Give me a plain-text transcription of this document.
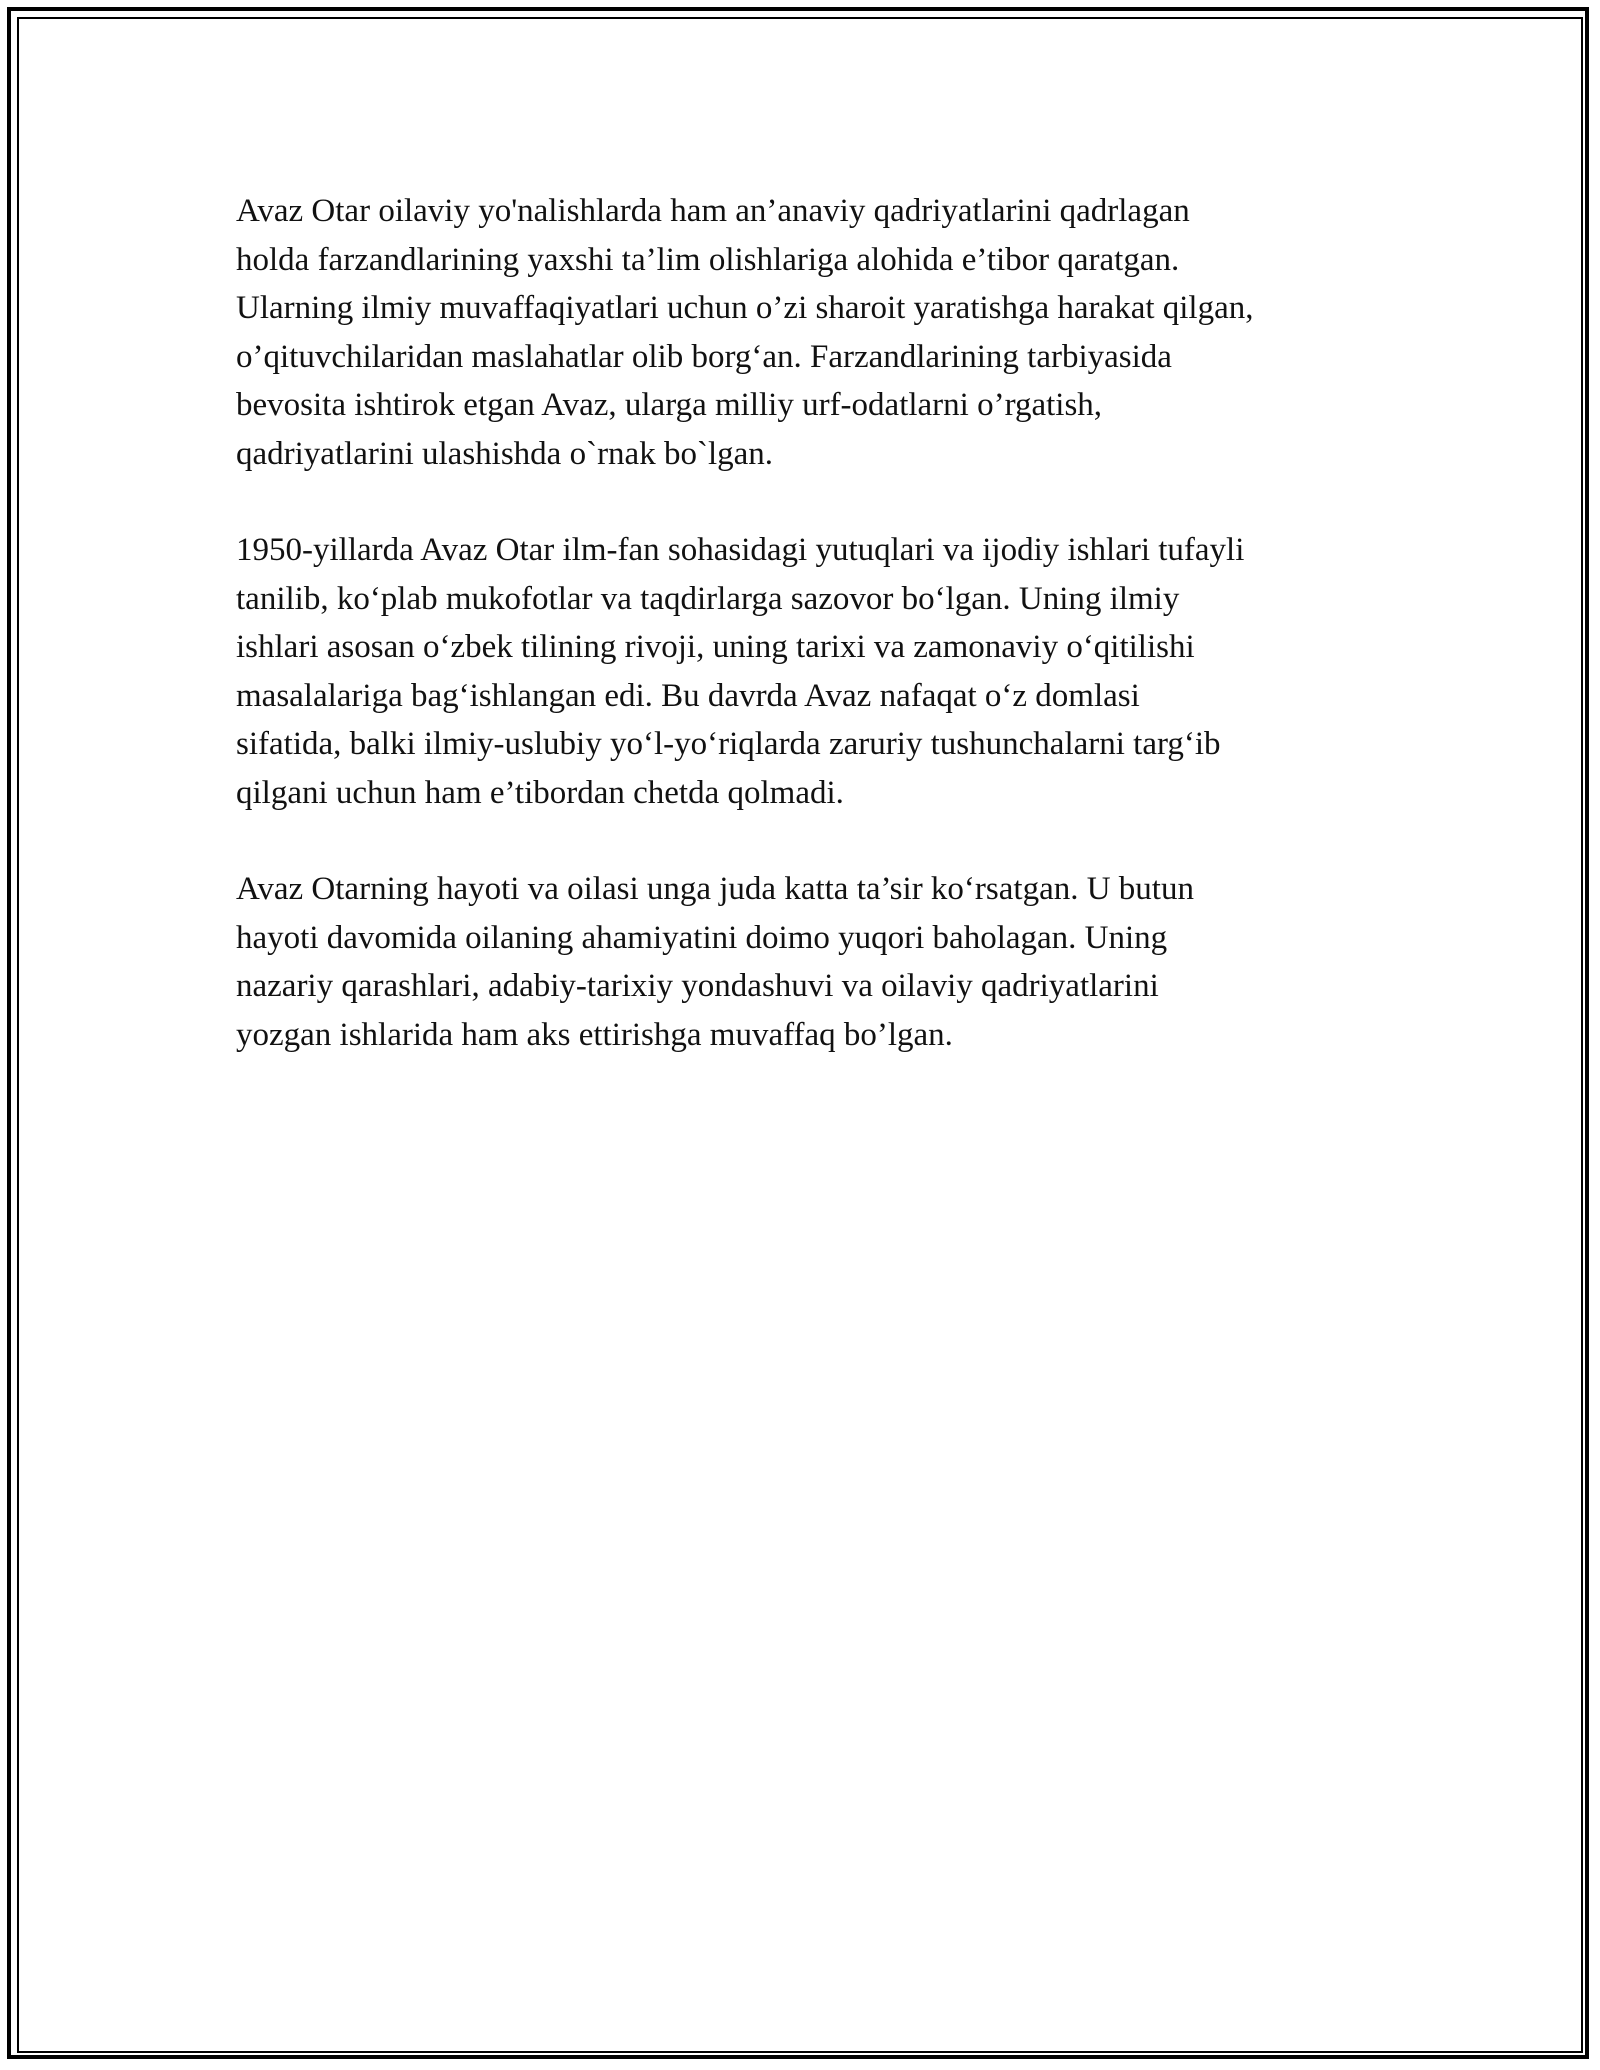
Avaz Otar oilaviy yo'nalishlarda ham an’anaviy qadriyatlarini qadrlagan
holda farzandlarining yaxshi ta’lim olishlariga alohida e’tibor qaratgan.
Ularning ilmiy muvaffaqiyatlari uchun o’zi sharoit yaratishga harakat qilgan,
o’qituvchilaridan maslahatlar olib borg‘an. Farzandlarining tarbiyasida
bevosita ishtirok etgan Avaz, ularga milliy urf-odatlarni o’rgatish,
qadriyatlarini ulashishda o`rnak bo`lgan.

1950-yillarda Avaz Otar ilm-fan sohasidagi yutuqlari va ijodiy ishlari tufayli
tanilib, ko‘plab mukofotlar va taqdirlarga sazovor bo‘lgan. Uning ilmiy
ishlari asosan o‘zbek tilining rivoji, uning tarixi va zamonaviy o‘qitilishi
masalalariga bag‘ishlangan edi. Bu davrda Avaz nafaqat o‘z domlasi
sifatida, balki ilmiy-uslubiy yo‘l-yo‘riqlarda zaruriy tushunchalarni targ‘ib
qilgani uchun ham e’tibordan chetda qolmadi.

Avaz Otarning hayoti va oilasi unga juda katta ta’sir ko‘rsatgan. U butun
hayoti davomida oilaning ahamiyatini doimo yuqori baholagan. Uning
nazariy qarashlari, adabiy-tarixiy yondashuvi va oilaviy qadriyatlarini
yozgan ishlarida ham aks ettirishga muvaffaq bo’lgan.
